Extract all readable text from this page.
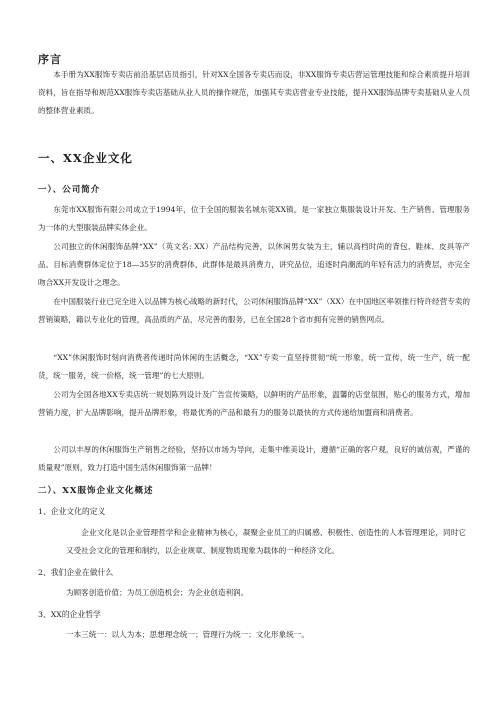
序言

本手册为XX服饰专卖店前沿基层店员指引，针对XX全国各专卖店而设，非XX服饰专卖店营运管理技能和综合素质提升培训资料，旨在指导和规范XX服饰专卖店基础从业人员的操作规范，加强其专卖店营业专业技能，提升XX服饰品牌专卖基础从业人员的整体营业素质。

一、XX企业文化
一）、公司简介

东莞市XX服饰有限公司成立于1994年，位于全国的服装名城东莞XX镇。是一家独立集服装设计开发、生产销售、管理服务为一体的大型服装品牌实体企业。

公司独立的休闲服饰品牌“XX”（英文名: XX）产品结构完善，以休闲男女装为主，辅以高档时尚的背包、鞋袜、皮具等产品。目标消费群体定位于18—35岁的消费群体，此群体是最具消费力，讲究品位，追逐时尚潮流的年轻有活力的消费层，亦完全吻合XX开发设计之理念。

在中国服装行业已完全进入以品牌为核心战略的新时代，公司休闲服饰品牌“XX”（XX）在中国地区率领推行特许经营专卖的营销策略，籍以专业化的管理，高品质的产品，尽完善的服务，已在全国28个省市拥有完善的销售网点。

“XX”休闲服饰时刻向消费者传递时尚休闲的生活概念，“XX”专卖一直坚持贯彻“统一形象，统一宣传，统一生产，统一配货，统一服务，统一价格，统一管理”的七大原则。

公司为全国各地XX专卖店统一规划陈列设计及广告宣传策略，以鲜明的产品形象，温馨的店堂氛围，贴心的服务方式，增加营销力度，扩大品牌影响，提升品牌形象，将最优秀的产品和最有力的服务以最快的方式传递给加盟商和消费者。

公司以丰厚的休闲服饰生产销售之经验，坚持以市场为导向，走集中维美设计，遵循“正确的客户观，良好的诚信观，严谨的质量观”原则，致力打造中国生活休闲服饰第一品牌！

二）、XX服饰企业文化概述

1、企业文化的定义

企业文化是以企业管理哲学和企业精神为核心，凝聚企业员工的归属感、积极性、创造性的人本管理理论，同时它又受社会文化的管理和制约，以企业规章、制度物质现象为载体的一种经济文化。

2、我们企业在做什么

为顾客创造价值；为员工创造机会；为企业创造利润。

3、XX的企业哲学

一本三统一：以人为本；思想理念统一；管理行为统一；文化形象统一。
